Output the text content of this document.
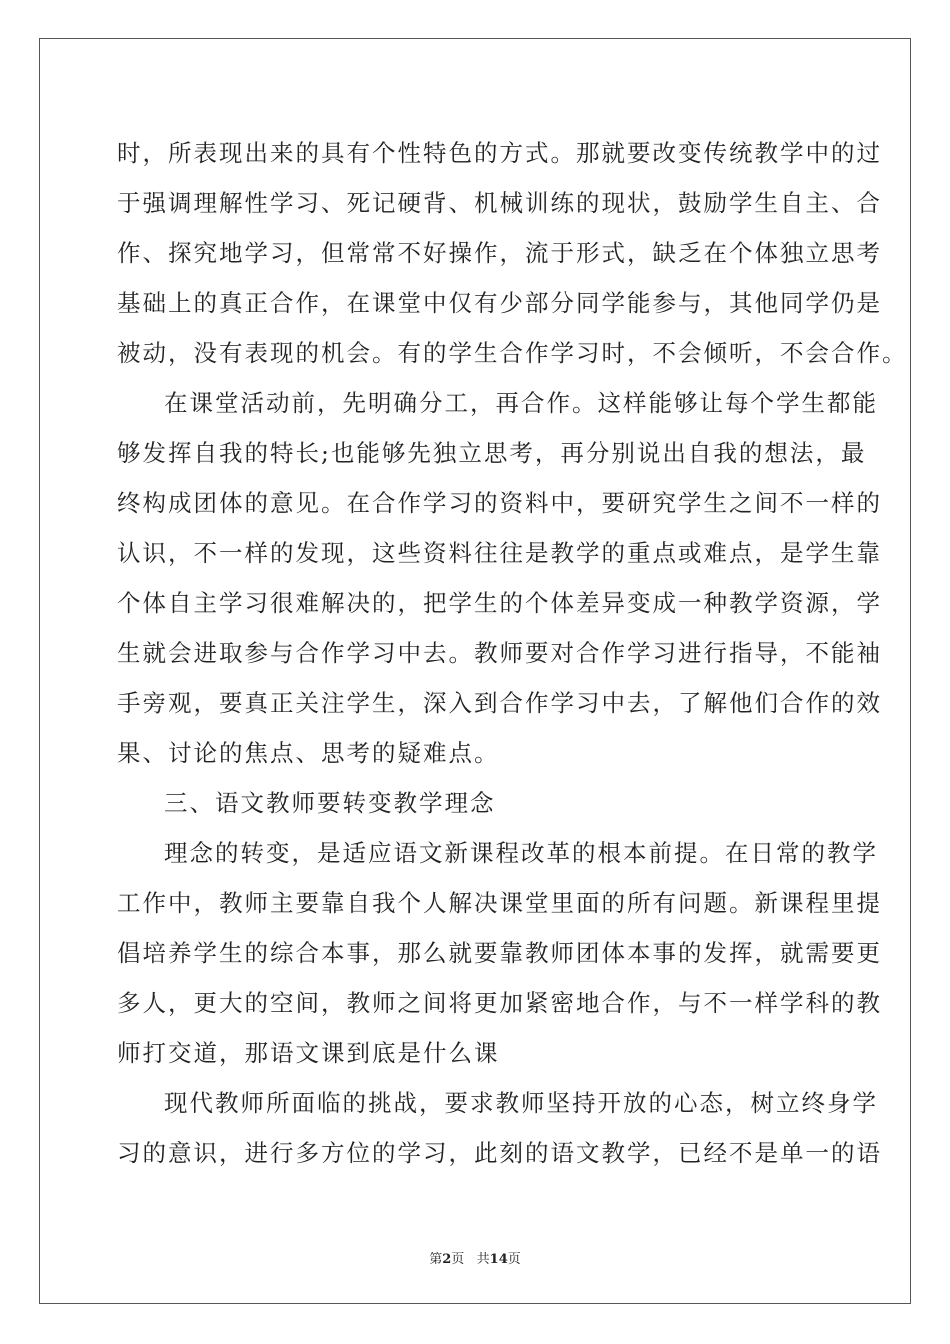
时，所表现出来的具有个性特色的方式。那就要改变传统教学中的过
于强调理解性学习、死记硬背、机械训练的现状，鼓励学生自主、合
作、探究地学习，但常常不好操作，流于形式，缺乏在个体独立思考
基础上的真正合作，在课堂中仅有少部分同学能参与，其他同学仍是
被动，没有表现的机会。有的学生合作学习时，不会倾听，不会合作。
在课堂活动前，先明确分工，再合作。这样能够让每个学生都能
够发挥自我的特长;也能够先独立思考，再分别说出自我的想法，最
终构成团体的意见。在合作学习的资料中，要研究学生之间不一样的
认识，不一样的发现，这些资料往往是教学的重点或难点，是学生靠
个体自主学习很难解决的，把学生的个体差异变成一种教学资源，学
生就会进取参与合作学习中去。教师要对合作学习进行指导，不能袖
手旁观，要真正关注学生，深入到合作学习中去，了解他们合作的效
果、讨论的焦点、思考的疑难点。
三、语文教师要转变教学理念
理念的转变，是适应语文新课程改革的根本前提。在日常的教学
工作中，教师主要靠自我个人解决课堂里面的所有问题。新课程里提
倡培养学生的综合本事，那么就要靠教师团体本事的发挥，就需要更
多人，更大的空间，教师之间将更加紧密地合作，与不一样学科的教
师打交道，那语文课到底是什么课
现代教师所面临的挑战，要求教师坚持开放的心态，树立终身学
习的意识，进行多方位的学习，此刻的语文教学，已经不是单一的语
第2页   共14页
